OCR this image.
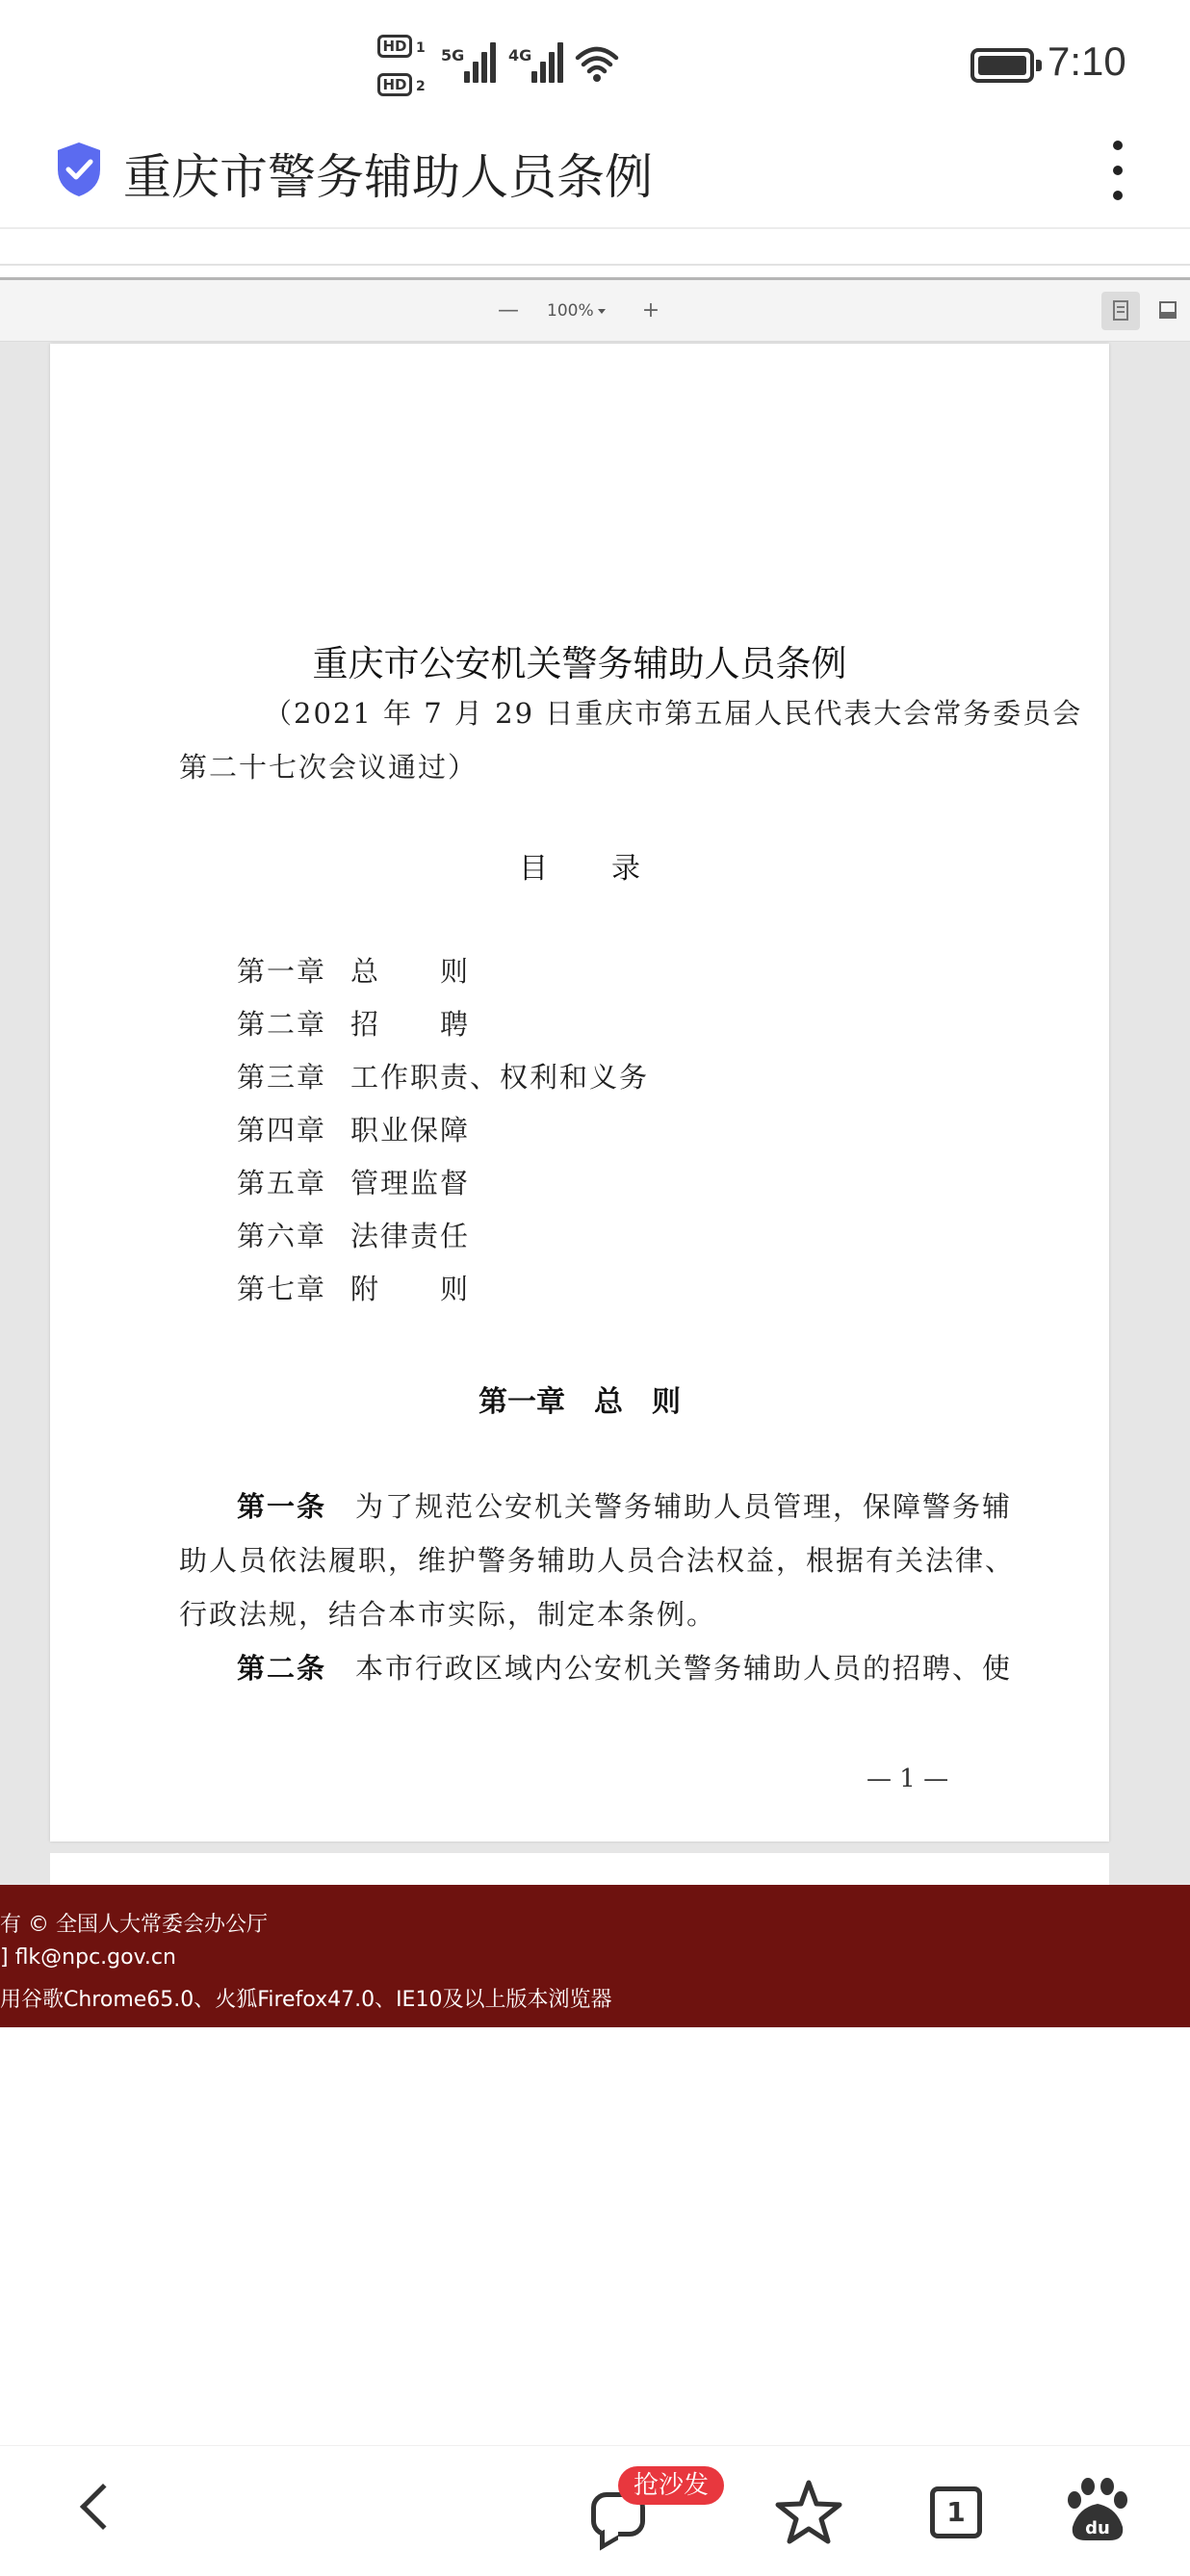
HD 1
HD 2
5G	4G	7:10
重庆市警务辅助人员条例
— 100%	+
重庆市公安机关警务辅助人员条例
（2021 年 7 月 29 日重庆市第五届人民代表大会常务委员会
第二十七次会议通过）
目　录
第一章 总　　则
第二章 招　　聘
第三章 工作职责、权利和义务
第四章 职业保障
第五章 管理监督
第六章 法律责任
第七章 附　　则
第一章　总　则
第一条 为了规范公安机关警务辅助人员管理，保障警务辅
助人员依法履职，维护警务辅助人员合法权益，根据有关法律、
行政法规，结合本市实际，制定本条例。
第二条 本市行政区域内公安机关警务辅助人员的招聘、使
— 1 —
有 © 全国人大常委会办公厅
] flk@npc.gov.cn
用谷歌Chrome65.0、火狐Firefox47.0、IE10及以上版本浏览器
1
du
抢沙发
